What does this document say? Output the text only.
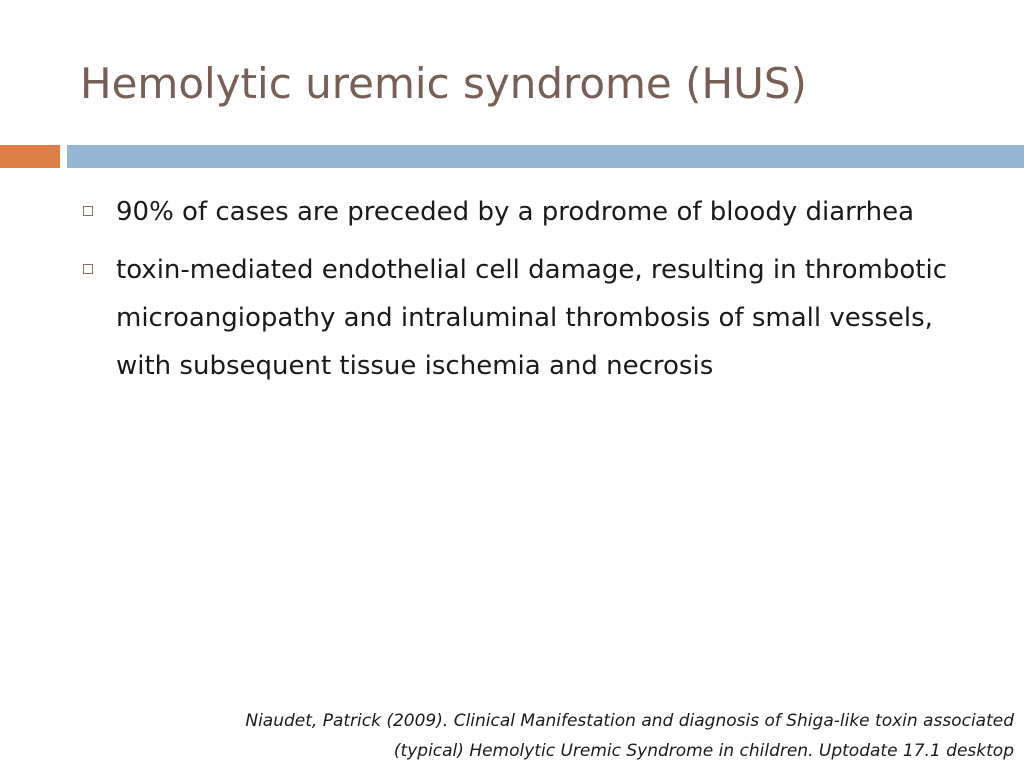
Hemolytic uremic syndrome (HUS)
90% of cases are preceded by a prodrome of bloody diarrhea
toxin-mediated endothelial cell damage, resulting in thrombotic microangiopathy and intraluminal thrombosis of small vessels, with subsequent tissue ischemia and necrosis

Niaudet, Patrick (2009). Clinical Manifestation and diagnosis of Shiga-like toxin associated
(typical) Hemolytic Uremic Syndrome in children. Uptodate 17.1 desktop
